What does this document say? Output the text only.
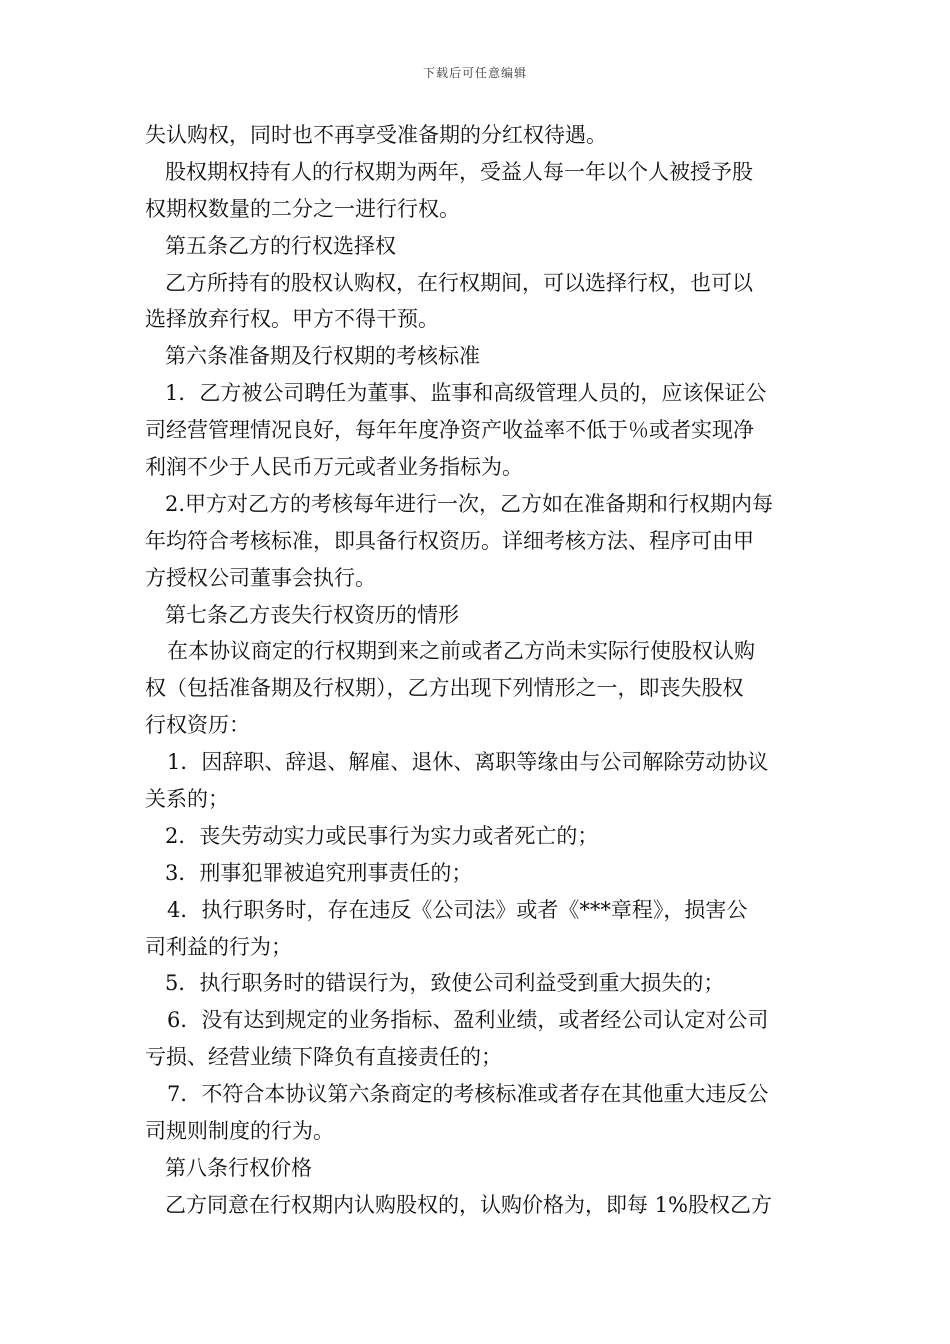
下载后可任意编辑
失认购权，同时也不再享受准备期的分红权待遇。
股权期权持有人的行权期为两年，受益人每一年以个人被授予股
权期权数量的二分之一进行行权。
第五条乙方的行权选择权
乙方所持有的股权认购权，在行权期间，可以选择行权，也可以
选择放弃行权。甲方不得干预。
第六条准备期及行权期的考核标准
1．乙方被公司聘任为董事、监事和高级管理人员的，应该保证公
司经营管理情况良好，每年年度净资产收益率不低于％或者实现净
利润不少于人民币万元或者业务指标为。
2.甲方对乙方的考核每年进行一次，乙方如在准备期和行权期内每
年均符合考核标准，即具备行权资历。详细考核方法、程序可由甲
方授权公司董事会执行。
第七条乙方丧失行权资历的情形
在本协议商定的行权期到来之前或者乙方尚未实际行使股权认购
权（包括准备期及行权期），乙方出现下列情形之一，即丧失股权
行权资历：
1．因辞职、辞退、解雇、退休、离职等缘由与公司解除劳动协议
关系的；
2．丧失劳动实力或民事行为实力或者死亡的；
3．刑事犯罪被追究刑事责任的；
4．执行职务时，存在违反《公司法》或者《***章程》，损害公
司利益的行为；
5．执行职务时的错误行为，致使公司利益受到重大损失的；
6．没有达到规定的业务指标、盈利业绩，或者经公司认定对公司
亏损、经营业绩下降负有直接责任的；
7．不符合本协议第六条商定的考核标准或者存在其他重大违反公
司规则制度的行为。
第八条行权价格
乙方同意在行权期内认购股权的，认购价格为，即每 1%股权乙方
